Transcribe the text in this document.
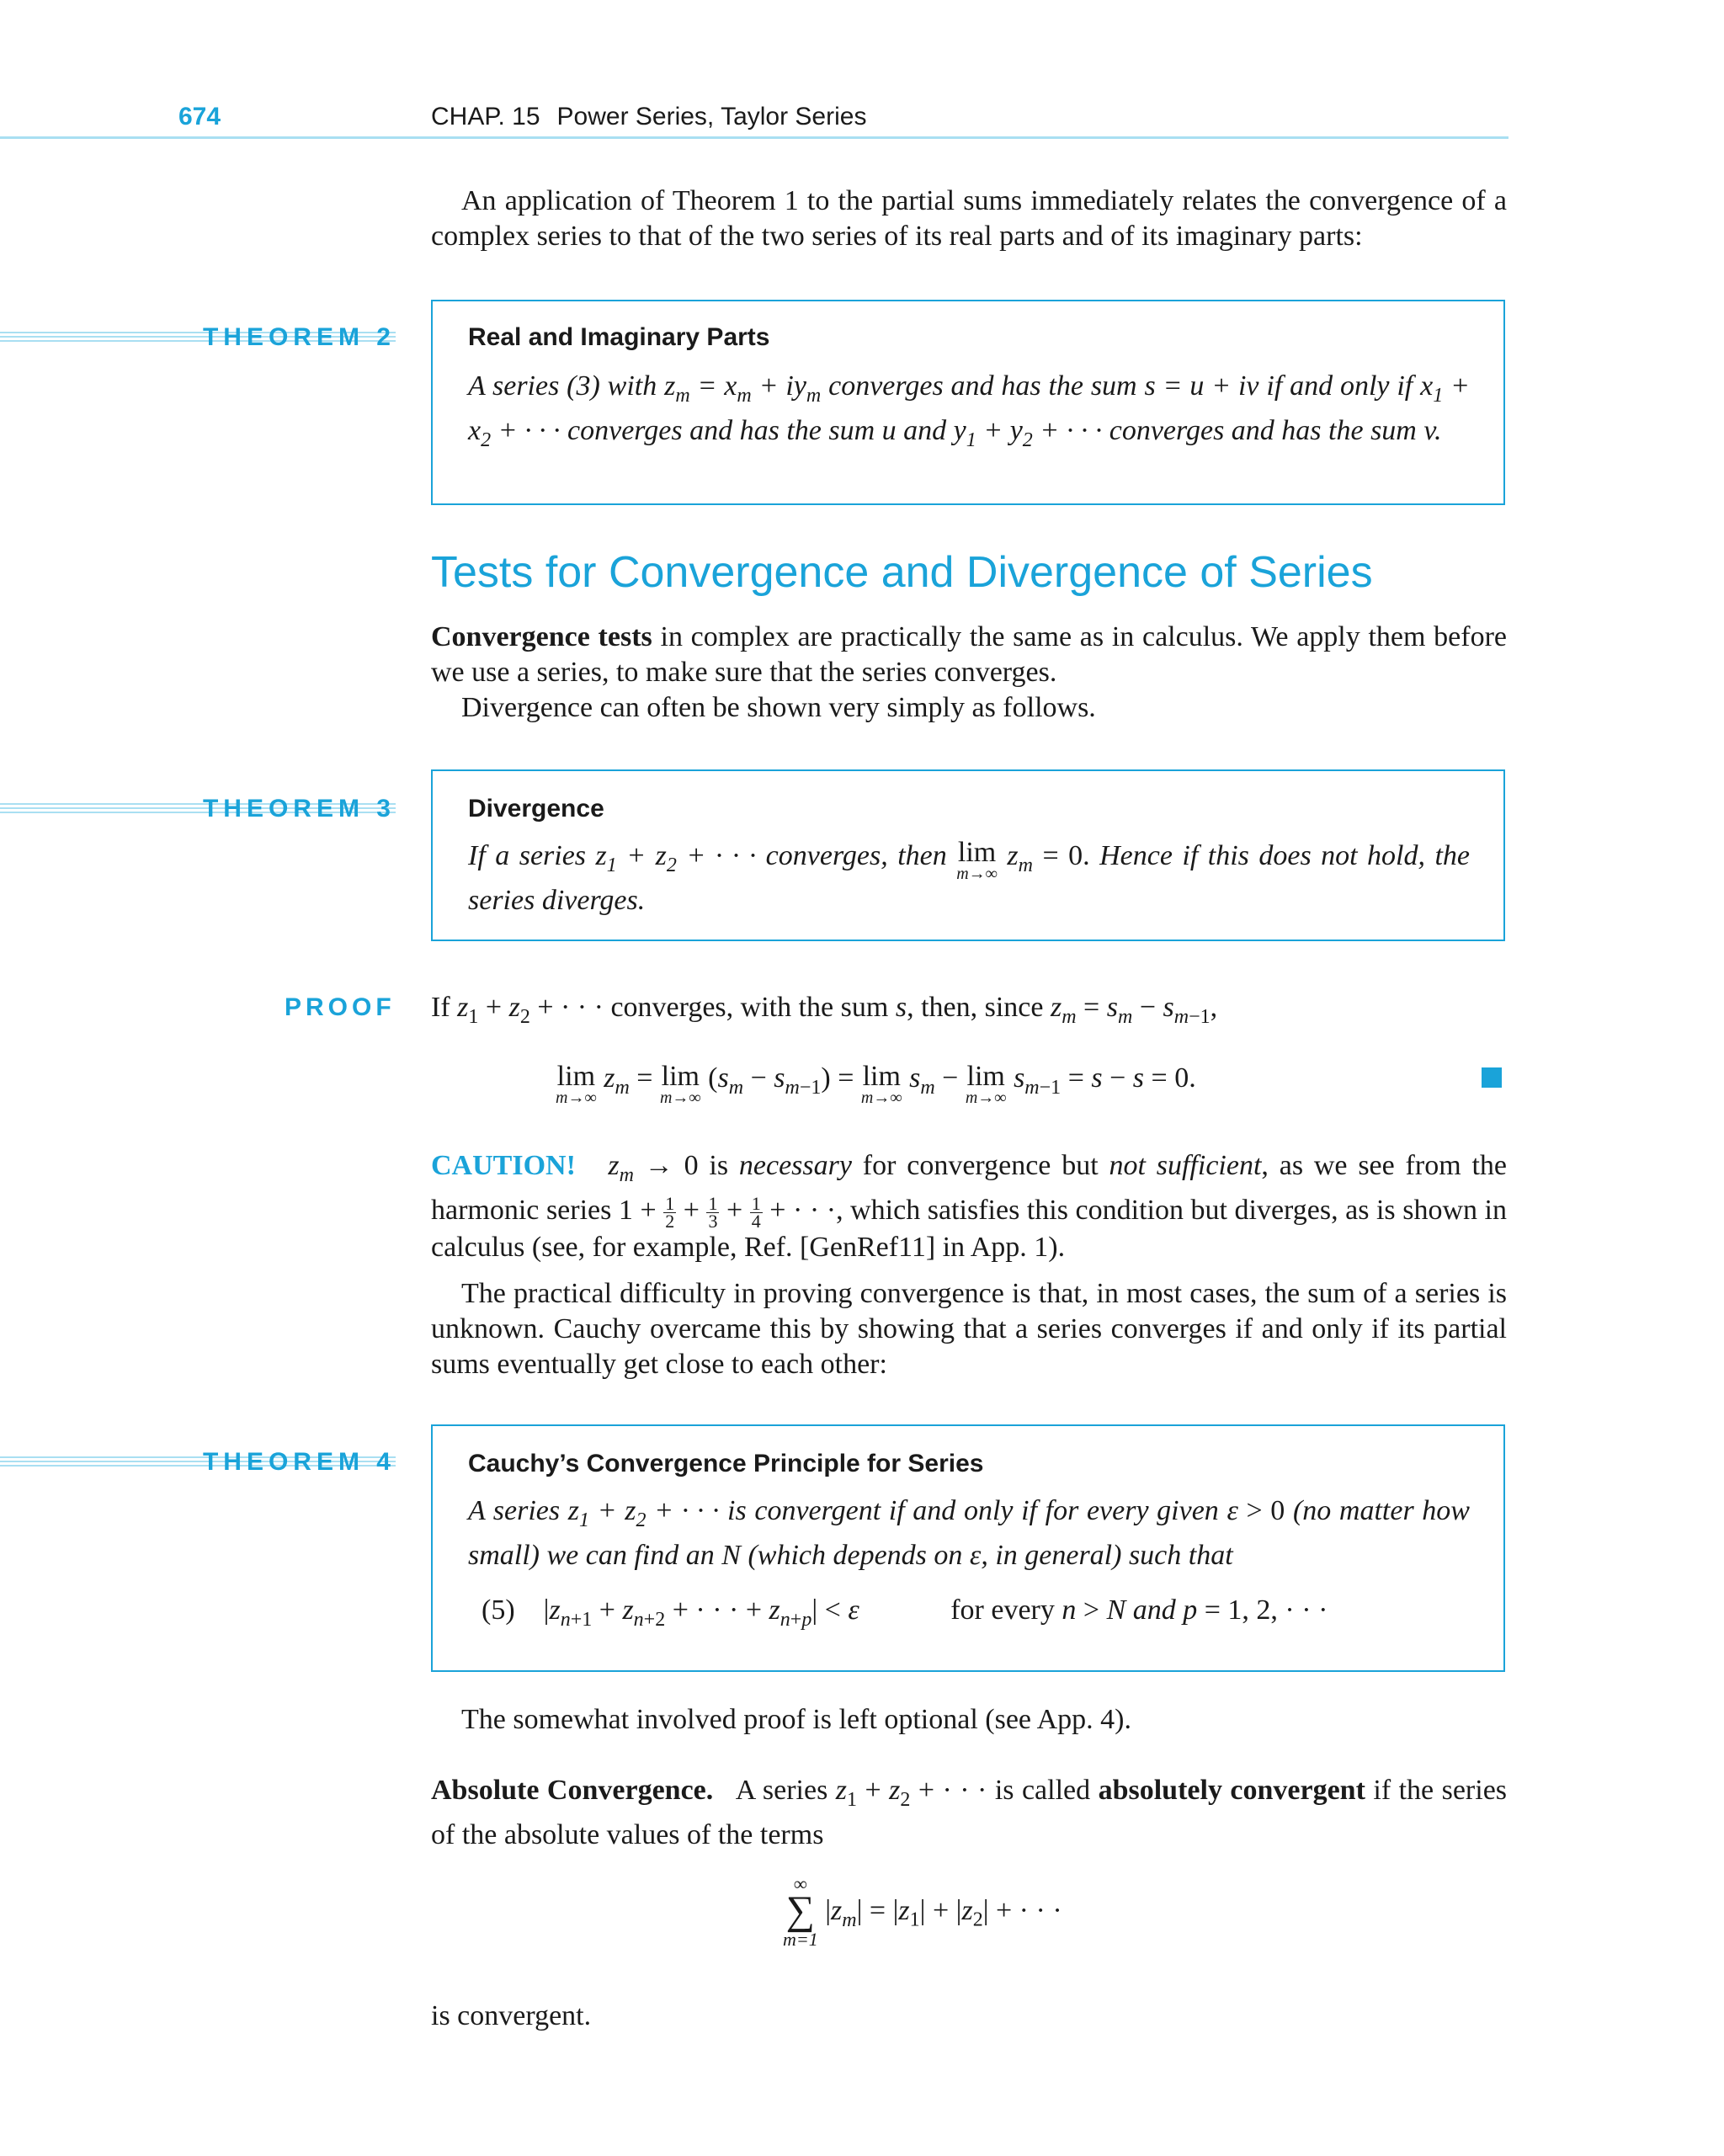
674	CHAP. 15 Power Series, Taylor Series
An application of Theorem 1 to the partial sums immediately relates the convergence of a complex series to that of the two series of its real parts and of its imaginary parts:
THEOREM 2	Real and Imaginary Parts
A series (3) with $z_m = x_m + iy_m$ converges and has the sum s = u + iv if and only if $x_1 + x_2$ + · · · converges and has the sum u and $y_1 + y_2$ + · · · converges and has the sum v.
Tests for Convergence and Divergence of Series
Convergence tests in complex are practically the same as in calculus. We apply them before we use a series, to make sure that the series converges.
Divergence can often be shown very simply as follows.
THEOREM 3	Divergence
If a series $z_1 + z_2$ + · · · converges, then lim
m→∞
$z_m = 0$. Hence if this does not hold, the series diverges.
PROOF If $z_1 + z_2$ + · · · converges, with the sum s, then, since $z_m = s_m - s_{m-1}$,
lim
m→∞
$z_m = \lim$
m→∞
$(s_m - s_{m-1}) = \lim$
m→∞
$s_m - \lim$
m→∞
$s_{m-1} = s - s = 0$.
CAUTION! $z_m \to 0$ is necessary for convergence but not sufficient, as we see from the harmonic series $1 + \frac{1}{2} + \frac{1}{3} + \frac{1}{4}$ + · · ·, which satisfies this condition but diverges, as is shown in calculus (see, for example, Ref. [GenRef11] in App. 1).
The practical difficulty in proving convergence is that, in most cases, the sum of a series is unknown. Cauchy overcame this by showing that a series converges if and only if its partial sums eventually get close to each other:
THEOREM 4	Cauchy’s Convergence Principle for Series
A series $z_1 + z_2$ + · · · is convergent if and only if for every given ε > 0 (no matter how small) we can find an N (which depends on ε, in general) such that
(5)    $|z_{n+1} + z_{n+2}$ + · · · + $z_{n+p}| < \varepsilon$	for every n > N and p = 1, 2, · · ·
The somewhat involved proof is left optional (see App. 4).
Absolute Convergence.   A series $z_1 + z_2$ + · · · is called absolutely convergent if the series of the absolute values of the terms
∞
∑
m=1
$|z_m| = |z_1| + |z_2|$ + · · ·
is convergent.
